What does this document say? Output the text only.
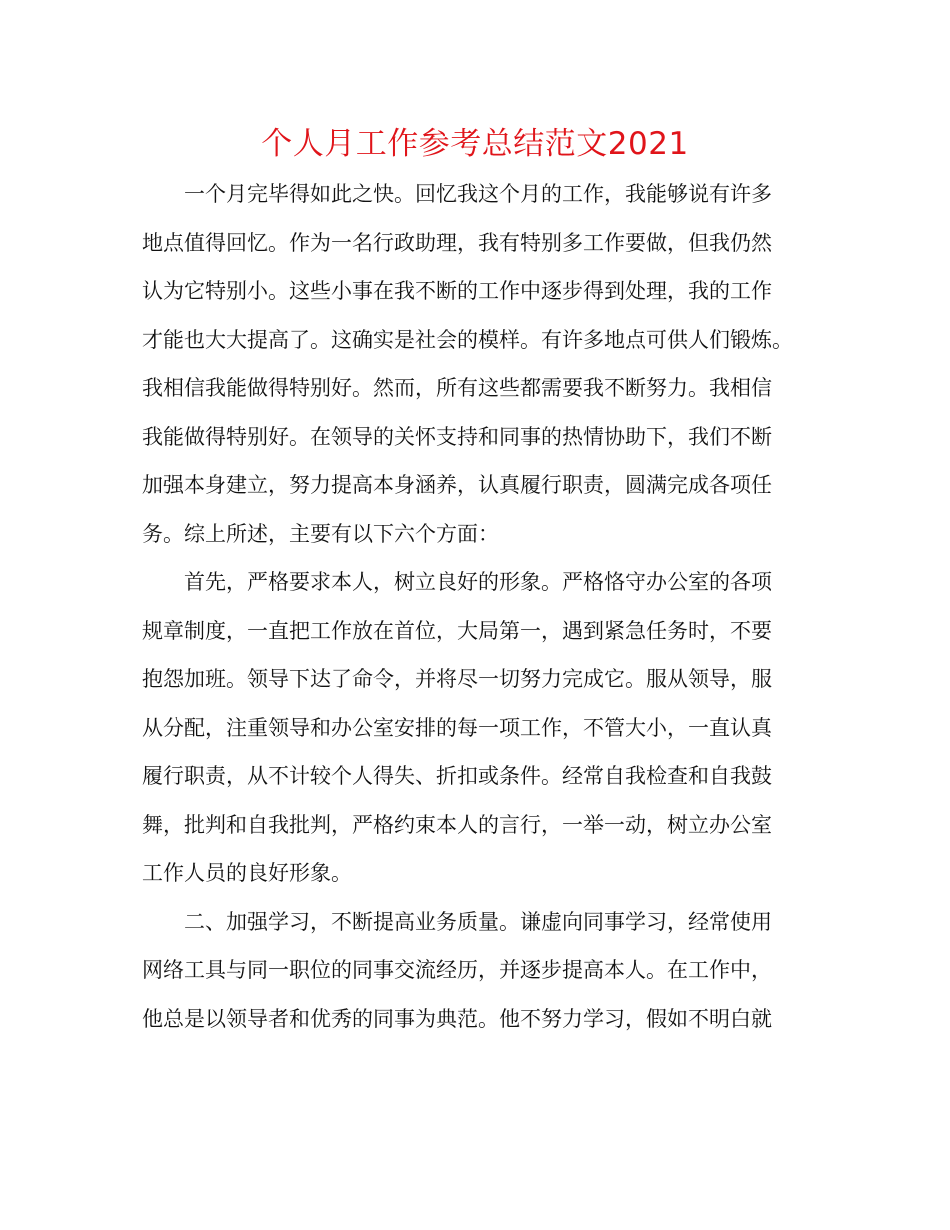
个人月工作参考总结范文2021
一个月完毕得如此之快。回忆我这个月的工作，我能够说有许多
地点值得回忆。作为一名行政助理，我有特别多工作要做，但我仍然
认为它特别小。这些小事在我不断的工作中逐步得到处理，我的工作
才能也大大提高了。这确实是社会的模样。有许多地点可供人们锻炼。
我相信我能做得特别好。然而，所有这些都需要我不断努力。我相信
我能做得特别好。在领导的关怀支持和同事的热情协助下，我们不断
加强本身建立，努力提高本身涵养，认真履行职责，圆满完成各项任
务。综上所述，主要有以下六个方面：
首先，严格要求本人，树立良好的形象。严格恪守办公室的各项
规章制度，一直把工作放在首位，大局第一，遇到紧急任务时，不要
抱怨加班。领导下达了命令，并将尽一切努力完成它。服从领导，服
从分配，注重领导和办公室安排的每一项工作，不管大小，一直认真
履行职责，从不计较个人得失、折扣或条件。经常自我检查和自我鼓
舞，批判和自我批判，严格约束本人的言行，一举一动，树立办公室
工作人员的良好形象。
二、加强学习，不断提高业务质量。谦虚向同事学习，经常使用
网络工具与同一职位的同事交流经历，并逐步提高本人。在工作中，
他总是以领导者和优秀的同事为典范。他不努力学习，假如不明白就
